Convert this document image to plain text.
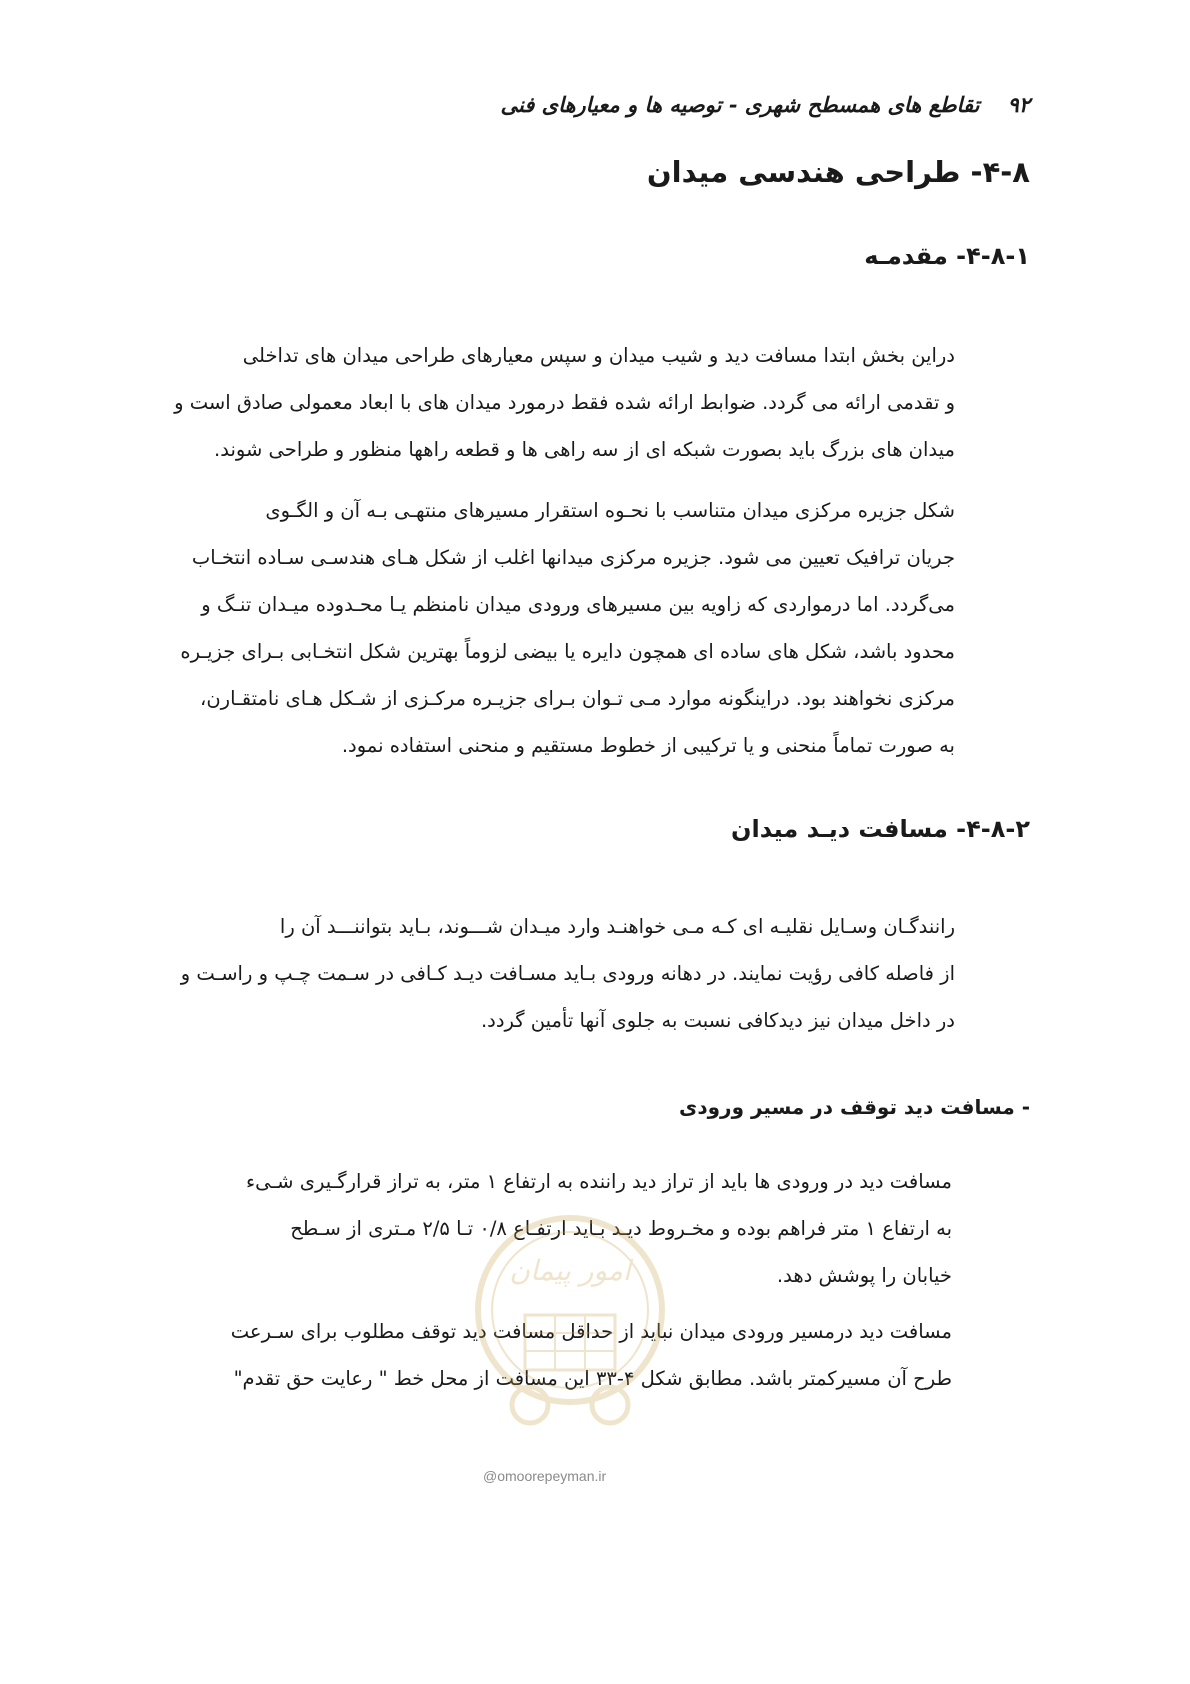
۹۲
تقاطع های همسطح شهری - توصیه ها و معیارهای فنی
۴-۸- طراحی هندسی میدان
۴-۸-۱- مقدمـه
دراین بخش ابتدا مسافت دید و شیب میدان و سپس معیارهای طراحی میدان های تداخلی
و تقدمی ارائه می گردد. ضوابط ارائه شده فقط درمورد میدان های با ابعاد معمولی صادق است و
میدان های بزرگ باید بصورت شبکه ای از سه راهی ها و قطعه راهها منظور و طراحی شوند.
شکل جزیره مرکزی میدان متناسب با نحـوه استقرار مسیرهای منتهـی بـه آن و الگـوی
جریان ترافیک تعیین می شود. جزیره مرکزی میدانها اغلب از شکل هـای هندسـی سـاده انتخـاب
می‌گردد. اما درمواردی که زاویه بین مسیرهای ورودی میدان نامنظم یـا محـدوده میـدان تنـگ و
محدود باشد، شکل های ساده ای همچون دایره یا بیضی لزوماً بهترین شکل انتخـابی بـرای جزیـره
مرکزی نخواهند بود. دراینگونه موارد مـی تـوان بـرای جزیـره مرکـزی از شـکل هـای نامتقـارن،
به صورت تماماً منحنی و یا ترکیبی از خطوط مستقیم و منحنی استفاده نمود.
۴-۸-۲- مسافت دیـد میدان
رانندگـان وسـایل نقلیـه ای کـه مـی خواهنـد وارد میـدان شـــوند، بـاید بتواننـــد آن را
از فاصله کافی رؤیت نمایند. در دهانه ورودی بـاید مسـافت دیـد کـافی در سـمت چـپ و راسـت و
در داخل میدان نیز دیدکافی نسبت به جلوی آنها تأمین گردد.
- مسافت دید توقف در مسیر ورودی
مسافت دید در ورودی ها باید از تراز دید راننده به ارتفاع ۱ متر، به تراز قرارگـیری شـیء
به ارتفاع ۱ متر فراهم بوده و مخـروط دیـد بـاید ارتفـاع ۰/۸ تـا ۲/۵ مـتری از سـطح
خیابان را پوشش دهد.
مسافت دید درمسیر ورودی میدان نباید از حداقل مسافت دید توقف مطلوب برای سـرعت
طرح آن مسیرکمتر باشد. مطابق شکل ۴-۳۳ این مسافت از محل خط " رعایت حق تقدم"
امور پیمان
@omoorepeyman.ir
